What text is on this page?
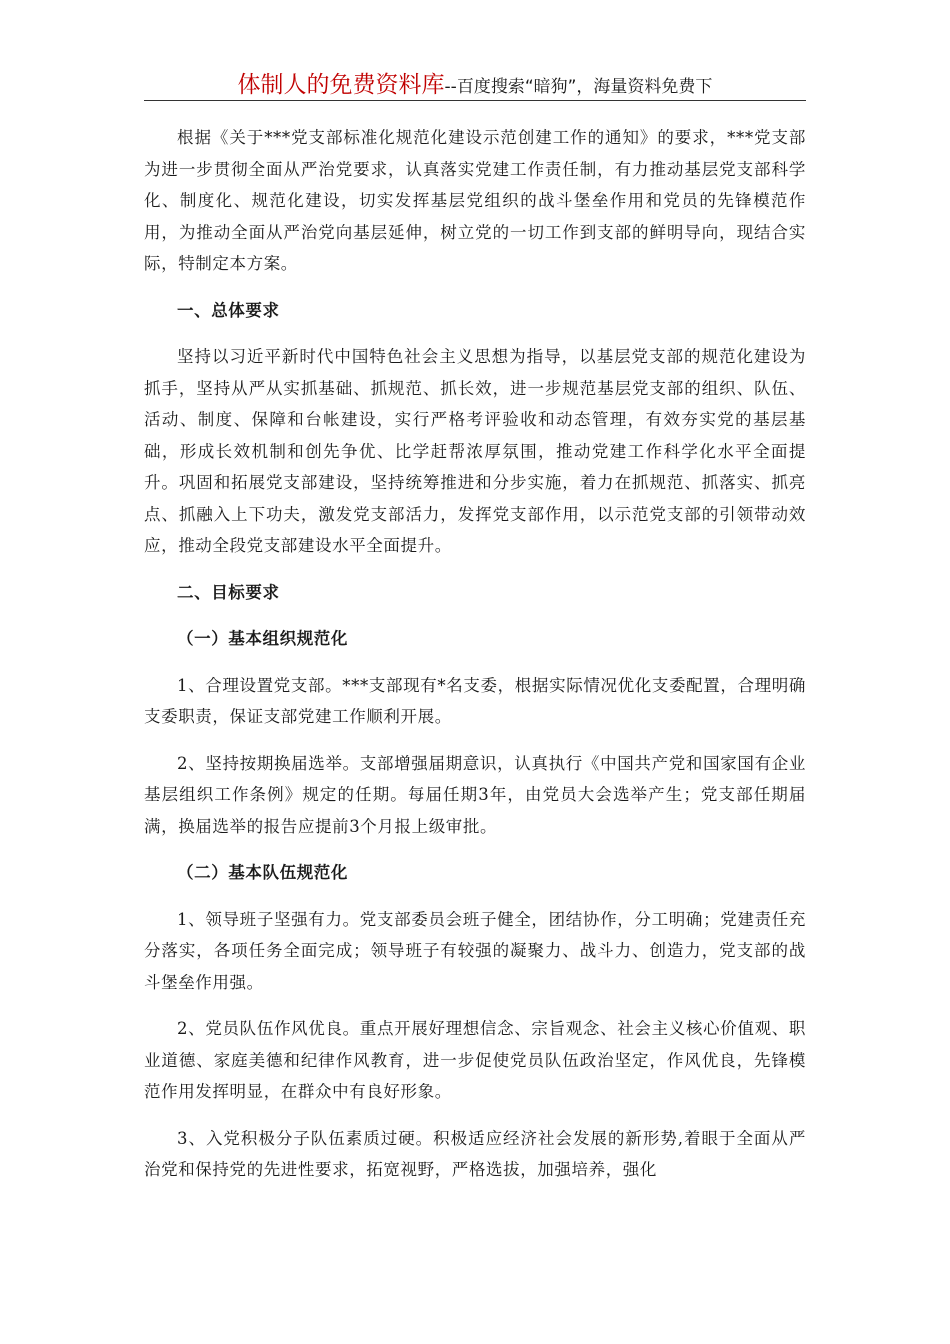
体制人的免费资料库--百度搜索“暗狗”，海量资料免费下

根据《关于***党支部标准化规范化建设示范创建工作的通知》的要求，***党支部为进一步贯彻全面从严治党要求，认真落实党建工作责任制，有力推动基层党支部科学化、制度化、规范化建设，切实发挥基层党组织的战斗堡垒作用和党员的先锋模范作用，为推动全面从严治党向基层延伸，树立党的一切工作到支部的鲜明导向，现结合实际，特制定本方案。

一、总体要求

坚持以习近平新时代中国特色社会主义思想为指导，以基层党支部的规范化建设为抓手，坚持从严从实抓基础、抓规范、抓长效，进一步规范基层党支部的组织、队伍、活动、制度、保障和台帐建设，实行严格考评验收和动态管理，有效夯实党的基层基础，形成长效机制和创先争优、比学赶帮浓厚氛围，推动党建工作科学化水平全面提升。巩固和拓展党支部建设，坚持统筹推进和分步实施，着力在抓规范、抓落实、抓亮点、抓融入上下功夫，激发党支部活力，发挥党支部作用，以示范党支部的引领带动效应，推动全段党支部建设水平全面提升。

二、目标要求

（一）基本组织规范化

1、合理设置党支部。***支部现有*名支委，根据实际情况优化支委配置，合理明确支委职责，保证支部党建工作顺利开展。

2、坚持按期换届选举。支部增强届期意识，认真执行《中国共产党和国家国有企业基层组织工作条例》规定的任期。每届任期3年，由党员大会选举产生；党支部任期届满，换届选举的报告应提前3个月报上级审批。

（二）基本队伍规范化

1、领导班子坚强有力。党支部委员会班子健全，团结协作，分工明确；党建责任充分落实，各项任务全面完成；领导班子有较强的凝聚力、战斗力、创造力，党支部的战斗堡垒作用强。

2、党员队伍作风优良。重点开展好理想信念、宗旨观念、社会主义核心价值观、职业道德、家庭美德和纪律作风教育，进一步促使党员队伍政治坚定，作风优良，先锋模范作用发挥明显，在群众中有良好形象。

3、入党积极分子队伍素质过硬。积极适应经济社会发展的新形势,着眼于全面从严治党和保持党的先进性要求，拓宽视野，严格选拔，加强培养，强化
